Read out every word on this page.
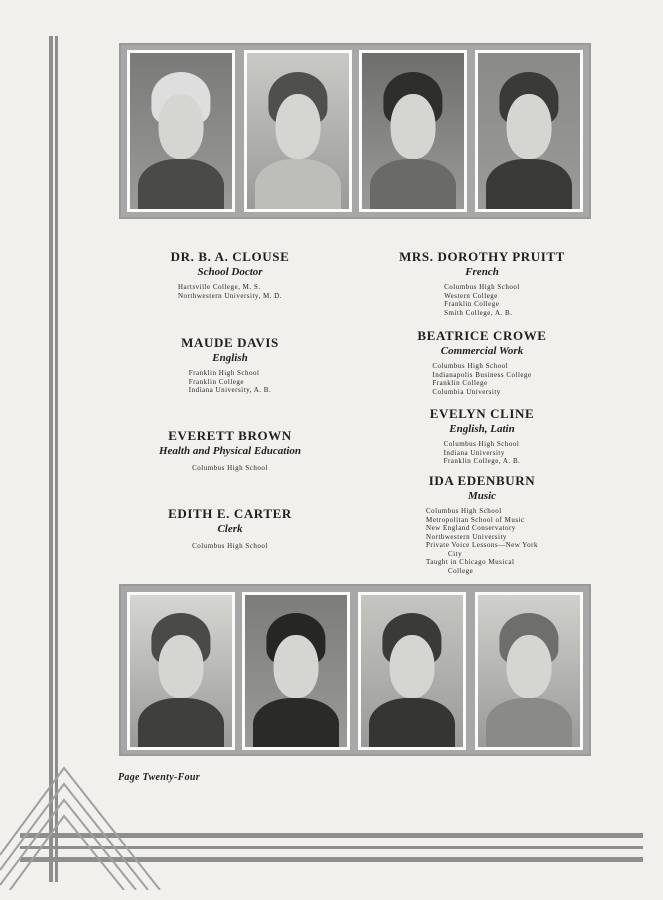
DR. B. A. CLOUSE
School Doctor
Hartsville College, M. S.
Northwestern University, M. D.
MAUDE DAVIS
English
Franklin High School
Franklin College
Indiana University, A. B.
EVERETT BROWN
Health and Physical Education
Columbus High School
EDITH E. CARTER
Clerk
Columbus High School
MRS. DOROTHY PRUITT
French
Columbus High School
Western College
Franklin College
Smith College, A. B.
BEATRICE CROWE
Commercial Work
Columbus High School
Indianapolis Business College
Franklin College
Columbia University
EVELYN CLINE
English, Latin
Columbus High School
Indiana University
Franklin College, A. B.
IDA EDENBURN
Music
Columbus High School
Metropolitan School of Music
New England Conservatory
Northwestern University
Private Voice Lessons—New York
City
Taught in Chicago Musical
College
Page Twenty-Four
